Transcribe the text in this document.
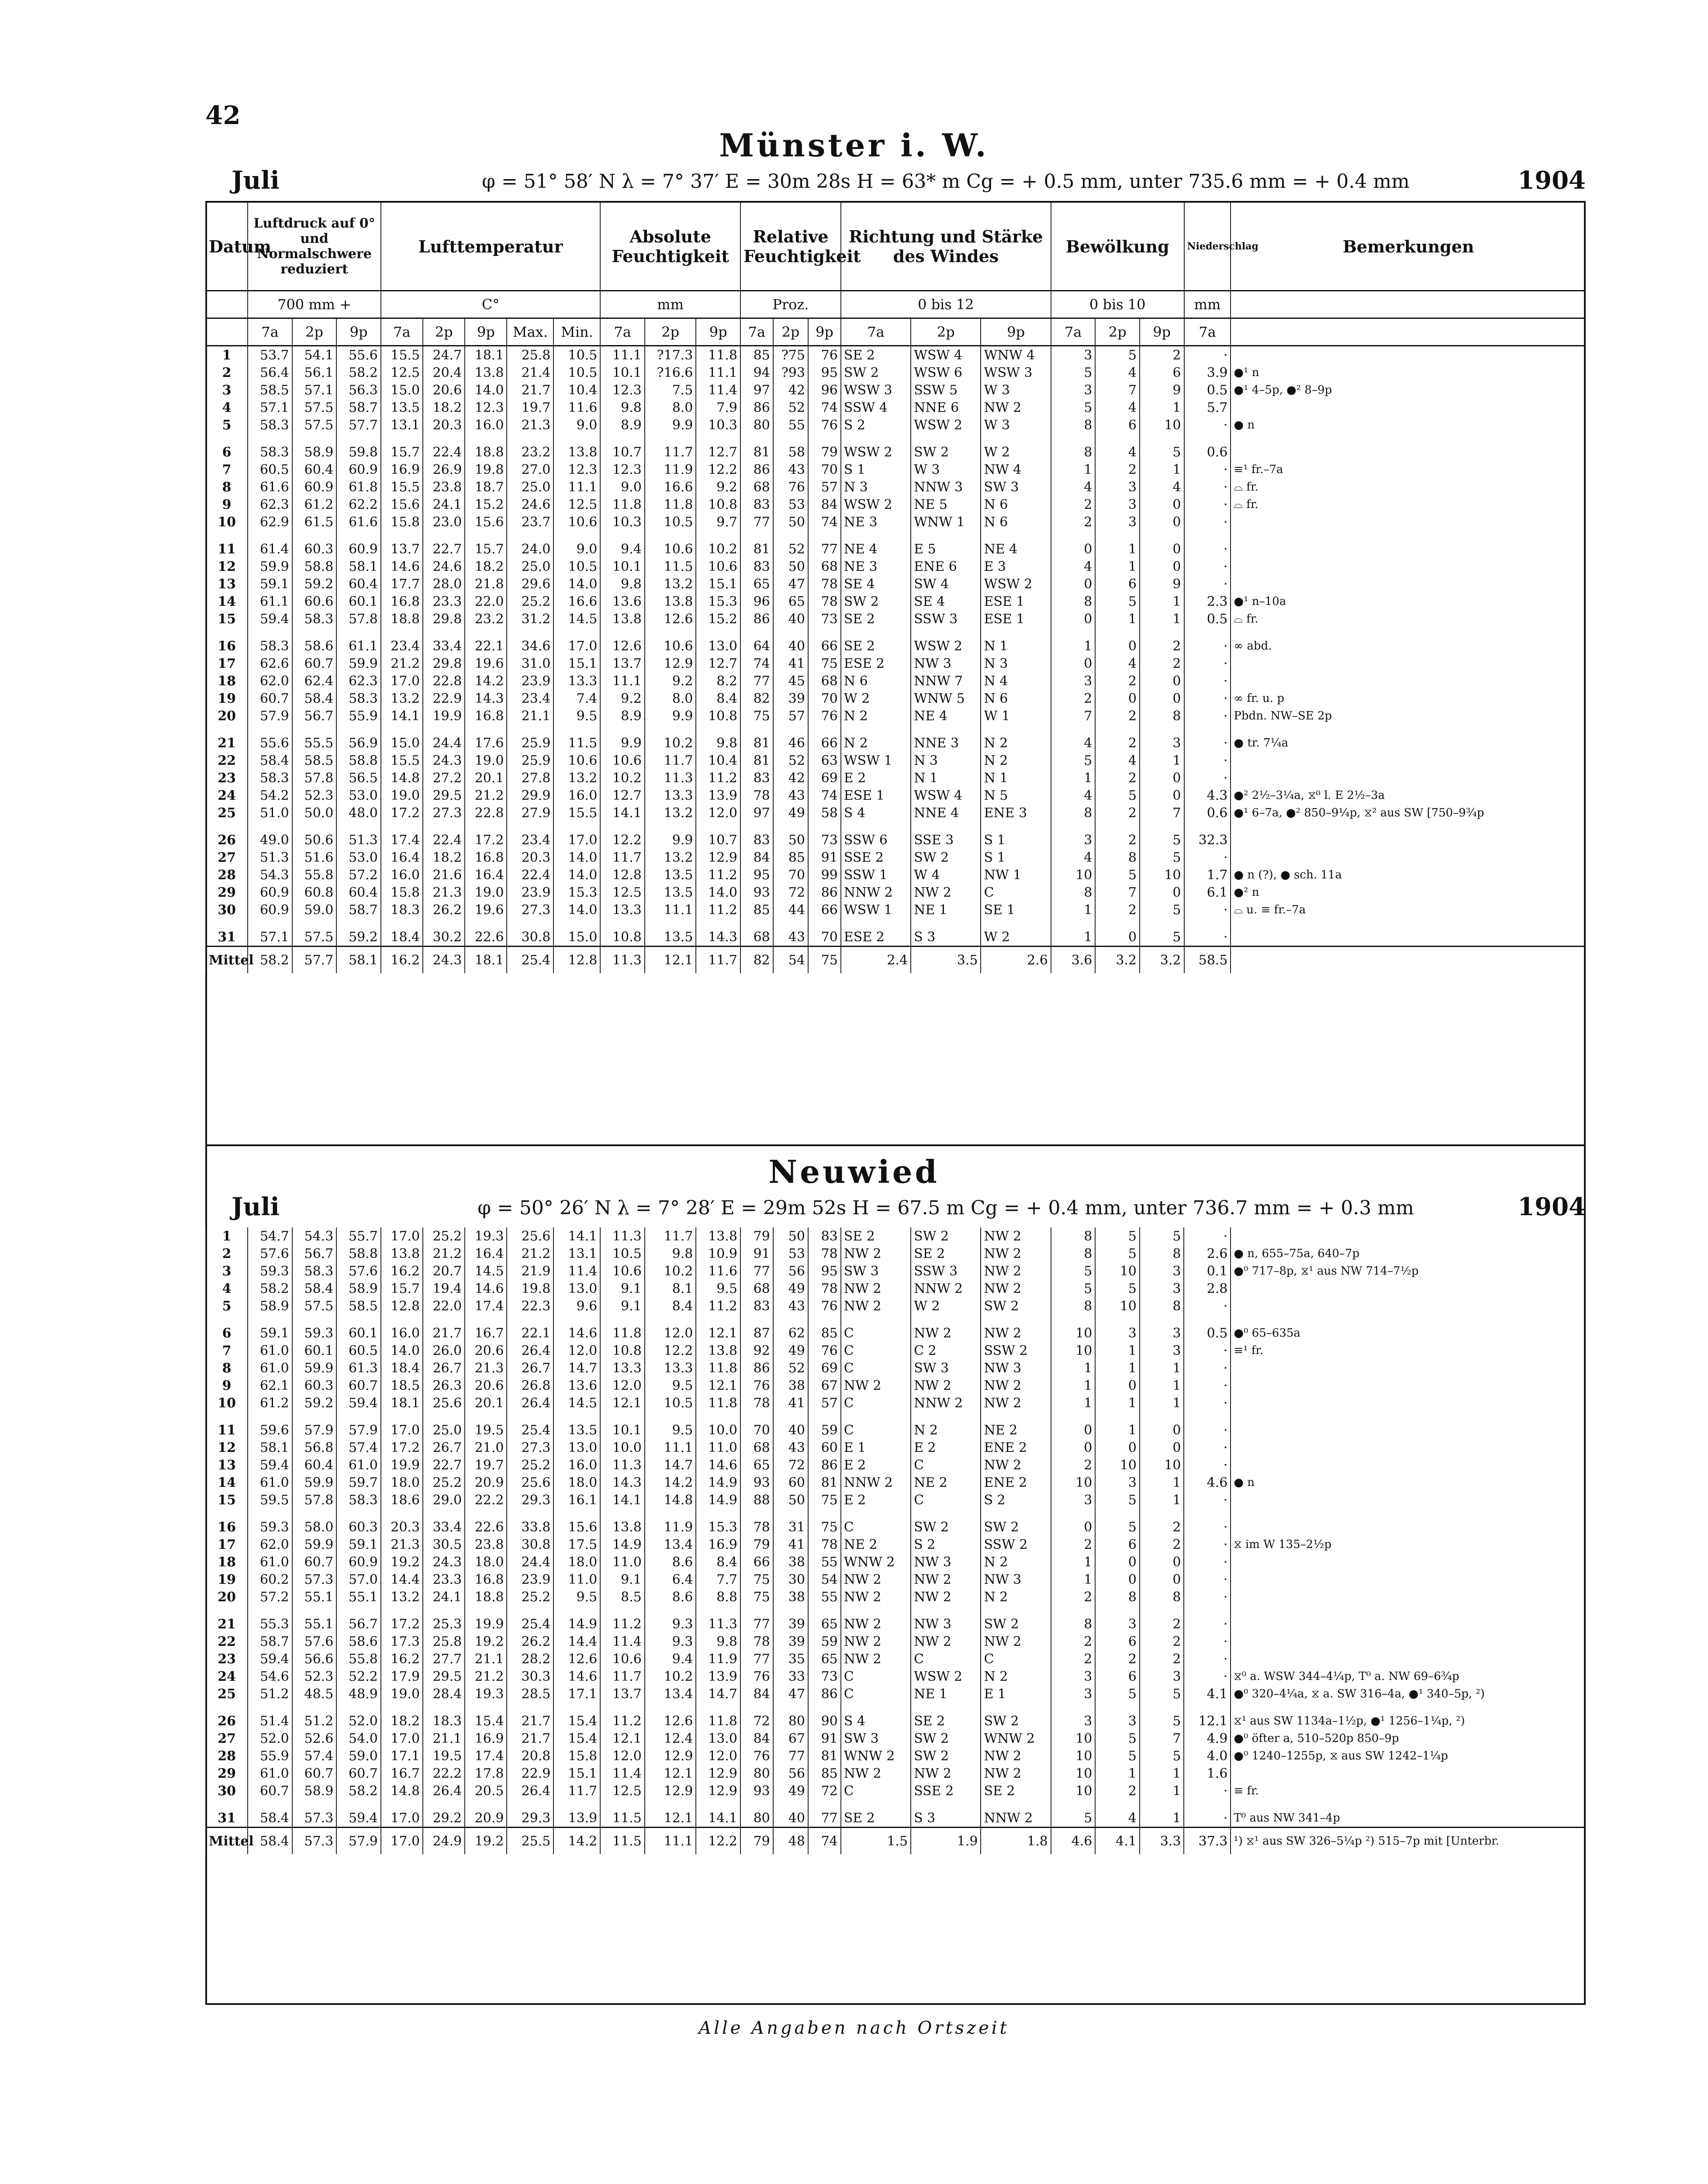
42
Münster i. W.
Juli	φ = 51° 58′ N λ = 7° 37′ E = 30m 28s H = 63* m Cg = + 0.5 mm, unter 735.6 mm = + 0.4 mm	1904
Datum	Luftdruck auf 0° und Normalschwere reduziert			Lufttemperatur					Absolute Feuchtigkeit			Relative Feuchtigkeit			Richtung und Stärke des Windes			Bewölkung			Niederschlag	Bemerkungen
	700 mm +			C°					mm			Proz.			0 bis 12			0 bis 10			mm	
	7a	2p	9p	7a	2p	9p	Max.	Min.	7a	2p	9p	7a	2p	9p	7a	2p	9p	7a	2p	9p	7a	
1	53.7	54.1	55.6	15.5	24.7	18.1	25.8	10.5	11.1	?17.3	11.8	85	?75	76	SE 2	WSW 4	WNW 4	3	5	2	·	
2	56.4	56.1	58.2	12.5	20.4	13.8	21.4	10.5	10.1	?16.6	11.1	94	?93	95	SW 2	WSW 6	WSW 3	5	4	6	3.9	●¹ n
3	58.5	57.1	56.3	15.0	20.6	14.0	21.7	10.4	12.3	7.5	11.4	97	42	96	WSW 3	SSW 5	W 3	3	7	9	0.5	●¹ 4–5p, ●² 8–9p
4	57.1	57.5	58.7	13.5	18.2	12.3	19.7	11.6	9.8	8.0	7.9	86	52	74	SSW 4	NNE 6	NW 2	5	4	1	5.7	
5	58.3	57.5	57.7	13.1	20.3	16.0	21.3	9.0	8.9	9.9	10.3	80	55	76	S 2	WSW 2	W 3	8	6	10	·	● n
6	58.3	58.9	59.8	15.7	22.4	18.8	23.2	13.8	10.7	11.7	12.7	81	58	79	WSW 2	SW 2	W 2	8	4	5	0.6	
7	60.5	60.4	60.9	16.9	26.9	19.8	27.0	12.3	12.3	11.9	12.2	86	43	70	S 1	W 3	NW 4	1	2	1	·	≡¹ fr.–7a
8	61.6	60.9	61.8	15.5	23.8	18.7	25.0	11.1	9.0	16.6	9.2	68	76	57	N 3	NNW 3	SW 3	4	3	4	·	⌓ fr.
9	62.3	61.2	62.2	15.6	24.1	15.2	24.6	12.5	11.8	11.8	10.8	83	53	84	WSW 2	NE 5	N 6	2	3	0	·	⌓ fr.
10	62.9	61.5	61.6	15.8	23.0	15.6	23.7	10.6	10.3	10.5	9.7	77	50	74	NE 3	WNW 1	N 6	2	3	0	·	
11	61.4	60.3	60.9	13.7	22.7	15.7	24.0	9.0	9.4	10.6	10.2	81	52	77	NE 4	E 5	NE 4	0	1	0	·	
12	59.9	58.8	58.1	14.6	24.6	18.2	25.0	10.5	10.1	11.5	10.6	83	50	68	NE 3	ENE 6	E 3	4	1	0	·	
13	59.1	59.2	60.4	17.7	28.0	21.8	29.6	14.0	9.8	13.2	15.1	65	47	78	SE 4	SW 4	WSW 2	0	6	9	·	
14	61.1	60.6	60.1	16.8	23.3	22.0	25.2	16.6	13.6	13.8	15.3	96	65	78	SW 2	SE 4	ESE 1	8	5	1	2.3	●¹ n–10a
15	59.4	58.3	57.8	18.8	29.8	23.2	31.2	14.5	13.8	12.6	15.2	86	40	73	SE 2	SSW 3	ESE 1	0	1	1	0.5	⌓ fr.
16	58.3	58.6	61.1	23.4	33.4	22.1	34.6	17.0	12.6	10.6	13.0	64	40	66	SE 2	WSW 2	N 1	1	0	2	·	∞ abd.
17	62.6	60.7	59.9	21.2	29.8	19.6	31.0	15.1	13.7	12.9	12.7	74	41	75	ESE 2	NW 3	N 3	0	4	2	·	
18	62.0	62.4	62.3	17.0	22.8	14.2	23.9	13.3	11.1	9.2	8.2	77	45	68	N 6	NNW 7	N 4	3	2	0	·	
19	60.7	58.4	58.3	13.2	22.9	14.3	23.4	7.4	9.2	8.0	8.4	82	39	70	W 2	WNW 5	N 6	2	0	0	·	∞ fr. u. p
20	57.9	56.7	55.9	14.1	19.9	16.8	21.1	9.5	8.9	9.9	10.8	75	57	76	N 2	NE 4	W 1	7	2	8	·	Pbdn. NW–SE 2p
21	55.6	55.5	56.9	15.0	24.4	17.6	25.9	11.5	9.9	10.2	9.8	81	46	66	N 2	NNE 3	N 2	4	2	3	·	● tr. 7¼a
22	58.4	58.5	58.8	15.5	24.3	19.0	25.9	10.6	10.6	11.7	10.4	81	52	63	WSW 1	N 3	N 2	5	4	1	·	
23	58.3	57.8	56.5	14.8	27.2	20.1	27.8	13.2	10.2	11.3	11.2	83	42	69	E 2	N 1	N 1	1	2	0	·	
24	54.2	52.3	53.0	19.0	29.5	21.2	29.9	16.0	12.7	13.3	13.9	78	43	74	ESE 1	WSW 4	N 5	4	5	0	4.3	●² 2½–3¼a, ⧖⁰ l. E 2½–3a
25	51.0	50.0	48.0	17.2	27.3	22.8	27.9	15.5	14.1	13.2	12.0	97	49	58	S 4	NNE 4	ENE 3	8	2	7	0.6	●¹ 6–7a, ●² 850–9¼p, ⧖² aus SW [750–9¾p
26	49.0	50.6	51.3	17.4	22.4	17.2	23.4	17.0	12.2	9.9	10.7	83	50	73	SSW 6	SSE 3	S 1	3	2	5	32.3	
27	51.3	51.6	53.0	16.4	18.2	16.8	20.3	14.0	11.7	13.2	12.9	84	85	91	SSE 2	SW 2	S 1	4	8	5	·	
28	54.3	55.8	57.2	16.0	21.6	16.4	22.4	14.0	12.8	13.5	11.2	95	70	99	SSW 1	W 4	NW 1	10	5	10	1.7	● n (?), ● sch. 11a
29	60.9	60.8	60.4	15.8	21.3	19.0	23.9	15.3	12.5	13.5	14.0	93	72	86	NNW 2	NW 2	C	8	7	0	6.1	●² n
30	60.9	59.0	58.7	18.3	26.2	19.6	27.3	14.0	13.3	11.1	11.2	85	44	66	WSW 1	NE 1	SE 1	1	2	5	·	⌓ u. ≡ fr.–7a
31	57.1	57.5	59.2	18.4	30.2	22.6	30.8	15.0	10.8	13.5	14.3	68	43	70	ESE 2	S 3	W 2	1	0	5	·	
Mittel	58.2	57.7	58.1	16.2	24.3	18.1	25.4	12.8	11.3	12.1	11.7	82	54	75	2.4	3.5	2.6	3.6	3.2	3.2	58.5	
Neuwied
Juli	φ = 50° 26′ N λ = 7° 28′ E = 29m 52s H = 67.5 m Cg = + 0.4 mm, unter 736.7 mm = + 0.3 mm	1904
1	54.7	54.3	55.7	17.0	25.2	19.3	25.6	14.1	11.3	11.7	13.8	79	50	83	SE 2	SW 2	NW 2	8	5	5	·	
2	57.6	56.7	58.8	13.8	21.2	16.4	21.2	13.1	10.5	9.8	10.9	91	53	78	NW 2	SE 2	NW 2	8	5	8	2.6	● n, 655–75a, 640–7p
3	59.3	58.3	57.6	16.2	20.7	14.5	21.9	11.4	10.6	10.2	11.6	77	56	95	SW 3	SSW 3	NW 2	5	10	3	0.1	●⁰ 717–8p, ⧖¹ aus NW 714–7½p
4	58.2	58.4	58.9	15.7	19.4	14.6	19.8	13.0	9.1	8.1	9.5	68	49	78	NW 2	NNW 2	NW 2	5	5	3	2.8	
5	58.9	57.5	58.5	12.8	22.0	17.4	22.3	9.6	9.1	8.4	11.2	83	43	76	NW 2	W 2	SW 2	8	10	8	·	
6	59.1	59.3	60.1	16.0	21.7	16.7	22.1	14.6	11.8	12.0	12.1	87	62	85	C	NW 2	NW 2	10	3	3	0.5	●⁰ 65–635a
7	61.0	60.1	60.5	14.0	26.0	20.6	26.4	12.0	10.8	12.2	13.8	92	49	76	C	C 2	SSW 2	10	1	3	·	≡¹ fr.
8	61.0	59.9	61.3	18.4	26.7	21.3	26.7	14.7	13.3	13.3	11.8	86	52	69	C	SW 3	NW 3	1	1	1	·	
9	62.1	60.3	60.7	18.5	26.3	20.6	26.8	13.6	12.0	9.5	12.1	76	38	67	NW 2	NW 2	NW 2	1	0	1	·	
10	61.2	59.2	59.4	18.1	25.6	20.1	26.4	14.5	12.1	10.5	11.8	78	41	57	C	NNW 2	NW 2	1	1	1	·	
11	59.6	57.9	57.9	17.0	25.0	19.5	25.4	13.5	10.1	9.5	10.0	70	40	59	C	N 2	NE 2	0	1	0	·	
12	58.1	56.8	57.4	17.2	26.7	21.0	27.3	13.0	10.0	11.1	11.0	68	43	60	E 1	E 2	ENE 2	0	0	0	·	
13	59.4	60.4	61.0	19.9	22.7	19.7	25.2	16.0	11.3	14.7	14.6	65	72	86	E 2	C	NW 2	2	10	10	·	
14	61.0	59.9	59.7	18.0	25.2	20.9	25.6	18.0	14.3	14.2	14.9	93	60	81	NNW 2	NE 2	ENE 2	10	3	1	4.6	● n
15	59.5	57.8	58.3	18.6	29.0	22.2	29.3	16.1	14.1	14.8	14.9	88	50	75	E 2	C	S 2	3	5	1	·	
16	59.3	58.0	60.3	20.3	33.4	22.6	33.8	15.6	13.8	11.9	15.3	78	31	75	C	SW 2	SW 2	0	5	2	·	
17	62.0	59.9	59.1	21.3	30.5	23.8	30.8	17.5	14.9	13.4	16.9	79	41	78	NE 2	S 2	SSW 2	2	6	2	·	⧖ im W 135–2½p
18	61.0	60.7	60.9	19.2	24.3	18.0	24.4	18.0	11.0	8.6	8.4	66	38	55	WNW 2	NW 3	N 2	1	0	0	·	
19	60.2	57.3	57.0	14.4	23.3	16.8	23.9	11.0	9.1	6.4	7.7	75	30	54	NW 2	NW 2	NW 3	1	0	0	·	
20	57.2	55.1	55.1	13.2	24.1	18.8	25.2	9.5	8.5	8.6	8.8	75	38	55	NW 2	NW 2	N 2	2	8	8	·	
21	55.3	55.1	56.7	17.2	25.3	19.9	25.4	14.9	11.2	9.3	11.3	77	39	65	NW 2	NW 3	SW 2	8	3	2	·	
22	58.7	57.6	58.6	17.3	25.8	19.2	26.2	14.4	11.4	9.3	9.8	78	39	59	NW 2	NW 2	NW 2	2	6	2	·	
23	59.4	56.6	55.8	16.2	27.7	21.1	28.2	12.6	10.6	9.4	11.9	77	35	65	NW 2	C	C	2	2	2	·	
24	54.6	52.3	52.2	17.9	29.5	21.2	30.3	14.6	11.7	10.2	13.9	76	33	73	C	WSW 2	N 2	3	6	3	·	⧖⁰ a. WSW 344–4¼p, T⁰ a. NW 69–6¾p
25	51.2	48.5	48.9	19.0	28.4	19.3	28.5	17.1	13.7	13.4	14.7	84	47	86	C	NE 1	E 1	3	5	5	4.1	●⁰ 320–4¼a, ⧖ a. SW 316–4a, ●¹ 340–5p, ²)
26	51.4	51.2	52.0	18.2	18.3	15.4	21.7	15.4	11.2	12.6	11.8	72	80	90	S 4	SE 2	SW 2	3	3	5	12.1	⧖¹ aus SW 1134a–1½p, ●¹ 1256–1¼p, ²)
27	52.0	52.6	54.0	17.0	21.1	16.9	21.7	15.4	12.1	12.4	13.0	84	67	91	SW 3	SW 2	WNW 2	10	5	7	4.9	●⁰ öfter a, 510–520p 850–9p
28	55.9	57.4	59.0	17.1	19.5	17.4	20.8	15.8	12.0	12.9	12.0	76	77	81	WNW 2	SW 2	NW 2	10	5	5	4.0	●⁰ 1240–1255p, ⧖ aus SW 1242–1¼p
29	61.0	60.7	60.7	16.7	22.2	17.8	22.9	15.1	11.4	12.1	12.9	80	56	85	NW 2	NW 2	NW 2	10	1	1	1.6	
30	60.7	58.9	58.2	14.8	26.4	20.5	26.4	11.7	12.5	12.9	12.9	93	49	72	C	SSE 2	SE 2	10	2	1	·	≡ fr.
31	58.4	57.3	59.4	17.0	29.2	20.9	29.3	13.9	11.5	12.1	14.1	80	40	77	SE 2	S 3	NNW 2	5	4	1	·	T⁰ aus NW 341–4p
Mittel	58.4	57.3	57.9	17.0	24.9	19.2	25.5	14.2	11.5	11.1	12.2	79	48	74	1.5	1.9	1.8	4.6	4.1	3.3	37.3	¹) ⧖¹ aus SW 326–5¼p ²) 515–7p mit [Unterbr.
Alle Angaben nach Ortszeit
